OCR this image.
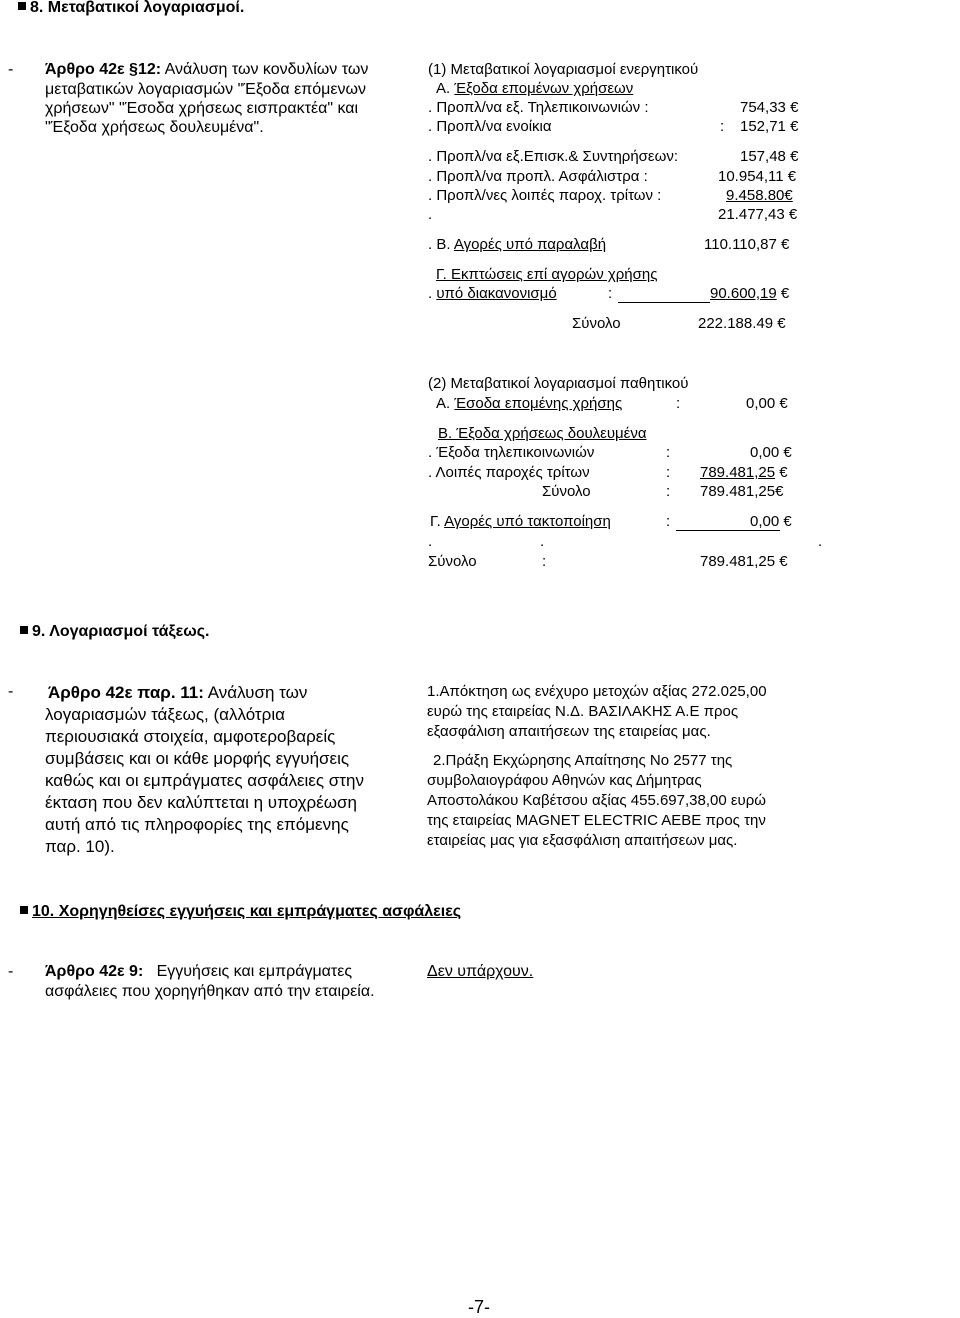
8. Μεταβατικοί λογαριασμοί.
- Άρθρο 42ε §12: Ανάλυση των κονδυλίων των
μεταβατικών λογαριασμών "Έξοδα επόμενων
χρήσεων" "Έσοδα χρήσεως εισπρακτέα" και
"Έξοδα χρήσεως δουλευμένα".
(1) Μεταβατικοί λογαριασμοί ενεργητικού
Α. Έξοδα επομένων χρήσεων
. Προπλ/να εξ. Τηλεπικοινωνιών :	754,33 €
. Προπλ/να ενοίκια	: 152,71 €
. Προπλ/να εξ.Επισκ.& Συντηρήσεων:	157,48 €
. Προπλ/να προπλ. Ασφάλιστρα :	10.954,11 €
. Προπλ/νες λοιπές παροχ. τρίτων :	9.458.80€
.	21.477,43 €
. Β. Αγορές υπό παραλαβή	110.110,87 €
Γ. Εκπτώσεις επί αγορών χρήσης
. υπό διακανονισμό	:	90.600,19 €
Σύνολο	222.188.49 €
(2) Μεταβατικοί λογαριασμοί παθητικού
Α. Έσοδα επομένης χρήσης	:	0,00 €
Β. Έξοδα χρήσεως δουλευμένα
. Έξοδα τηλεπικοινωνιών	:	0,00 €
. Λοιπές παροχές τρίτων	: 789.481,25 €
Σύνολο	: 789.481,25€
Γ. Αγορές υπό τακτοποίηση	:	0,00 €
.	.	.
Σύνολο	:	789.481,25 €
9. Λογαριασμοί τάξεως.
- Άρθρο 42ε παρ. 11: Ανάλυση των
λογαριασμών τάξεως, (αλλότρια
περιουσιακά στοιχεία, αμφοτεροβαρείς
συμβάσεις και οι κάθε μορφής εγγυήσεις
καθώς και οι εμπράγματες ασφάλειες στην
έκταση που δεν καλύπτεται η υποχρέωση
αυτή από τις πληροφορίες της επόμενης
παρ. 10).
1.Απόκτηση ως ενέχυρο μετοχών αξίας 272.025,00
ευρώ της εταιρείας Ν.Δ. ΒΑΣΙΛΑΚΗΣ Α.Ε προς
εξασφάλιση απαιτήσεων της εταιρείας μας.
2.Πράξη Εκχώρησης Απαίτησης Νο 2577 της
συμβολαιογράφου Αθηνών κας Δήμητρας
Αποστολάκου Καβέτσου αξίας 455.697,38,00 ευρώ
της εταιρείας MAGNET ELECTRIC AEBE προς την
εταιρείας μας για εξασφάλιση απαιτήσεων μας.
10. Χορηγηθείσες εγγυήσεις και εμπράγματες ασφάλειες
- Άρθρο 42ε 9: Εγγυήσεις και εμπράγματες
ασφάλειες που χορηγήθηκαν από την εταιρεία.
Δεν υπάρχουν.
-7-
